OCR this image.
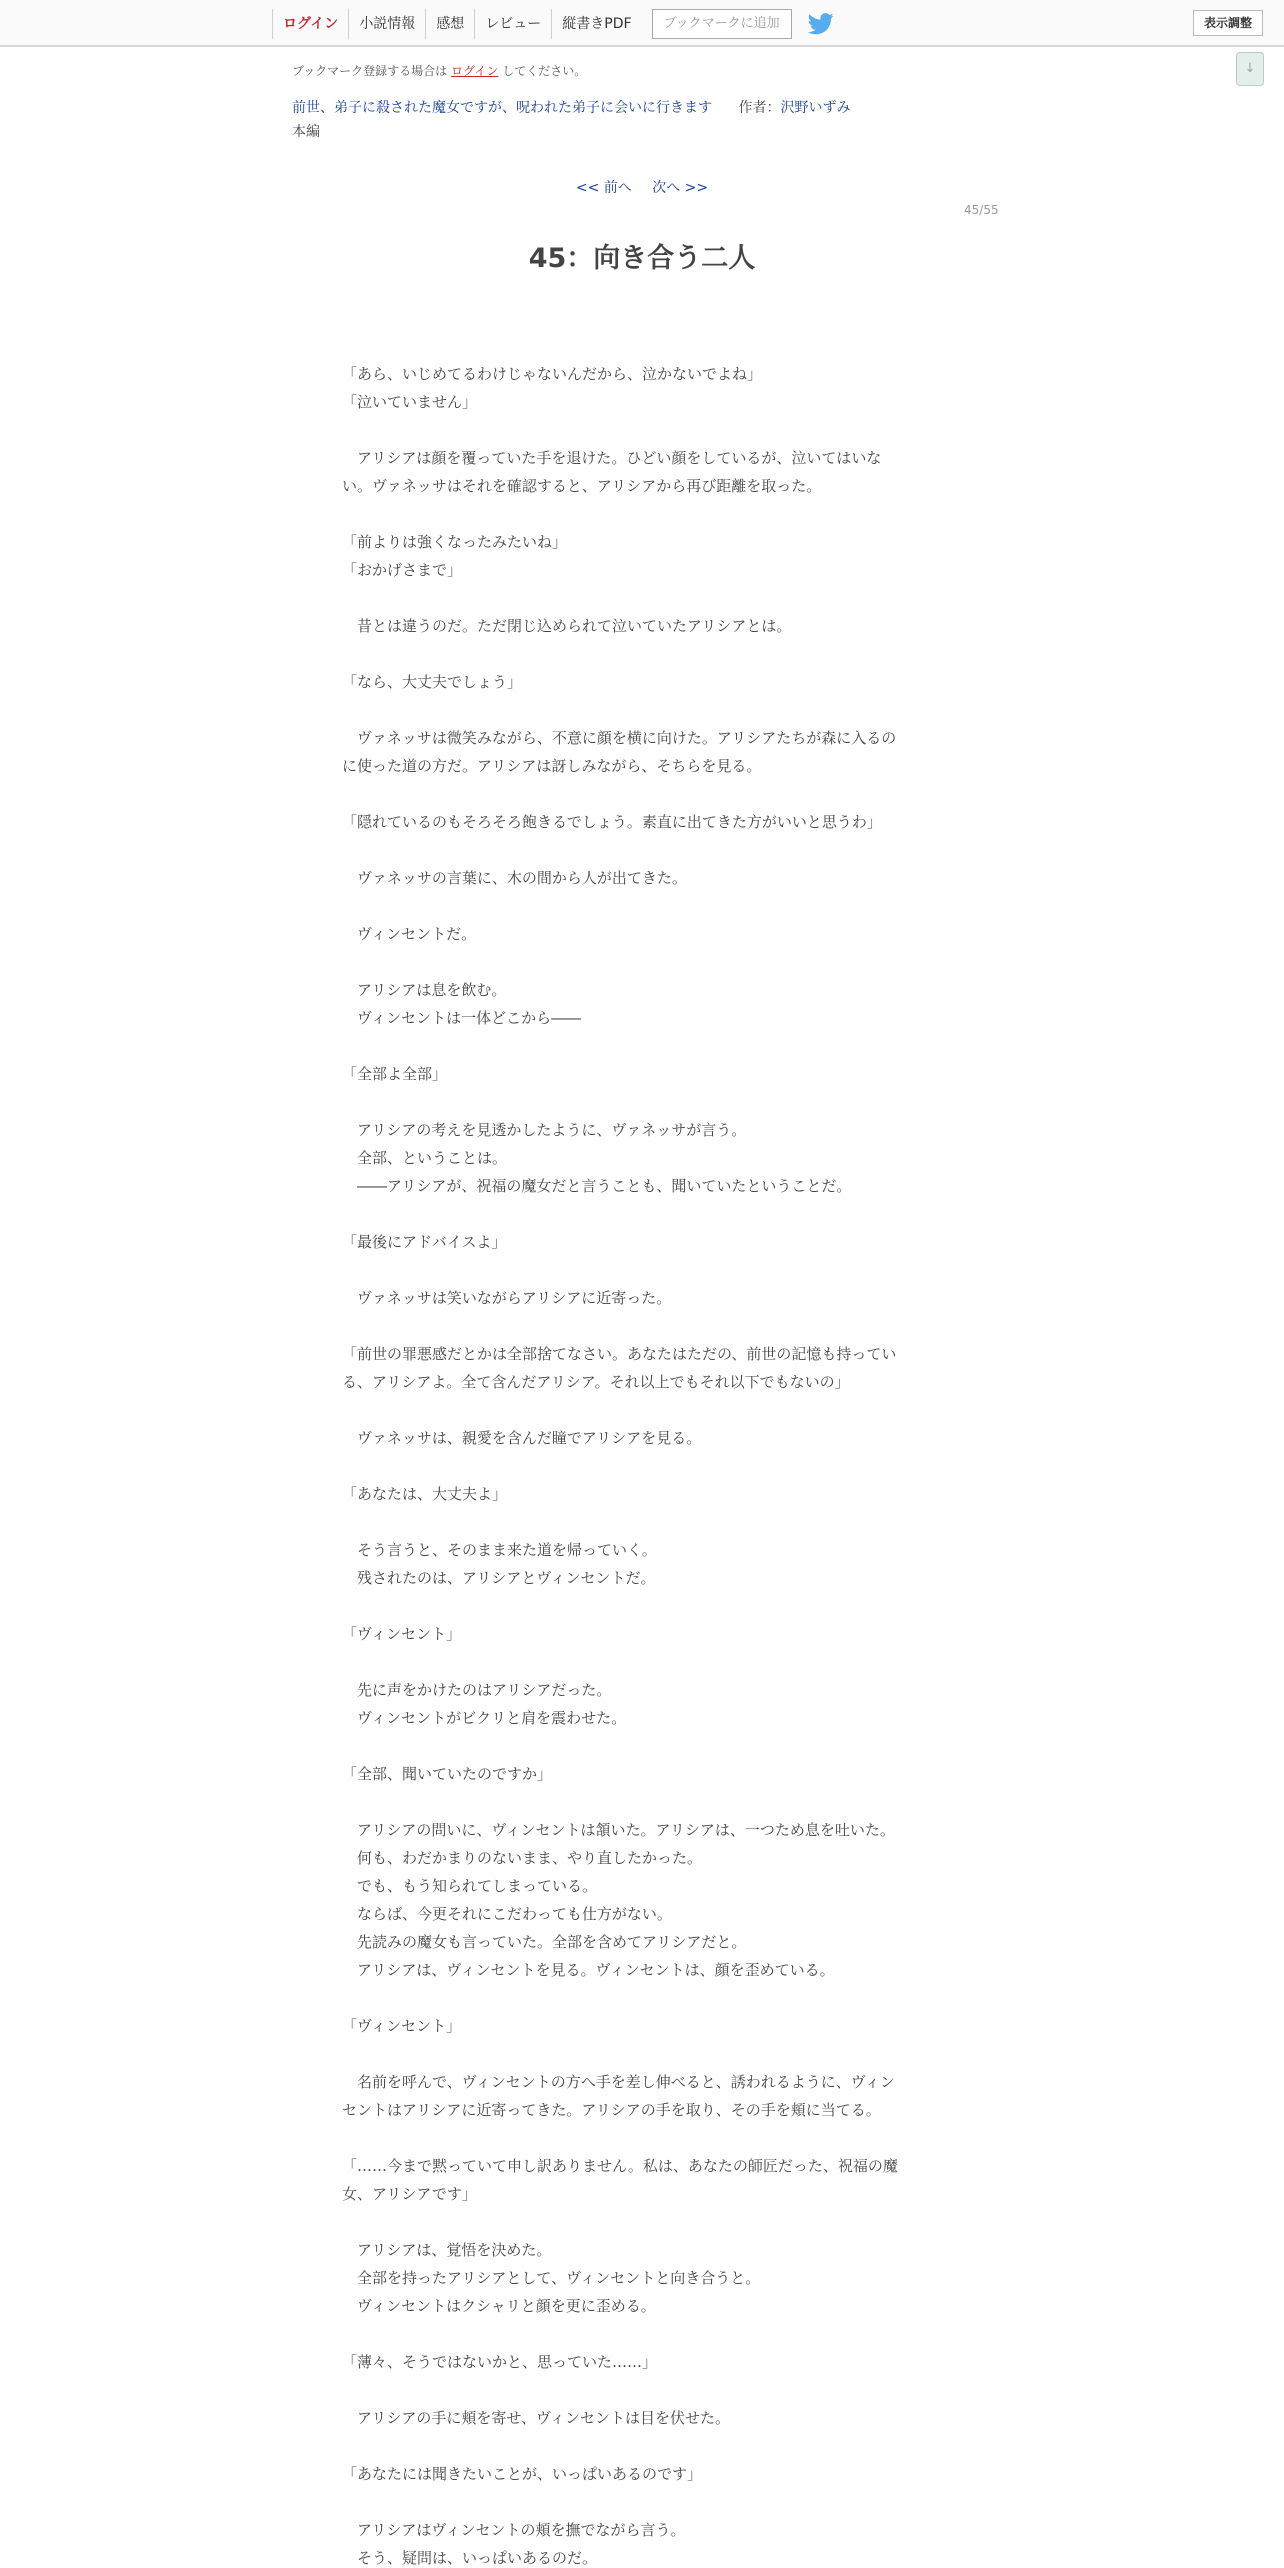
ログイン	小説情報	感想	レビュー	縦書きPDF	ブックマークに追加	表示調整
↓
ブックマーク登録する場合は ログイン してください。
前世、弟子に殺された魔女ですが、呪われた弟子に会いに行きます 作者：沢野いずみ
本編
<< 前へ 次へ >>
45/55
45：向き合う二人

「あら、いじめてるわけじゃないんだから、泣かないでよね」

「泣いていません」

　アリシアは顔を覆っていた手を退けた。ひどい顔をしているが、泣いてはいな

い。ヴァネッサはそれを確認すると、アリシアから再び距離を取った。

「前よりは強くなったみたいね」

「おかげさまで」

　昔とは違うのだ。ただ閉じ込められて泣いていたアリシアとは。

「なら、大丈夫でしょう」

　ヴァネッサは微笑みながら、不意に顔を横に向けた。アリシアたちが森に入るの

に使った道の方だ。アリシアは訝しみながら、そちらを見る。

「隠れているのもそろそろ飽きるでしょう。素直に出てきた方がいいと思うわ」

　ヴァネッサの言葉に、木の間から人が出てきた。

　ヴィンセントだ。

　アリシアは息を飲む。

　ヴィンセントは一体どこから――

「全部よ全部」

　アリシアの考えを見透かしたように、ヴァネッサが言う。

　全部、ということは。

　――アリシアが、祝福の魔女だと言うことも、聞いていたということだ。

「最後にアドバイスよ」

　ヴァネッサは笑いながらアリシアに近寄った。

「前世の罪悪感だとかは全部捨てなさい。あなたはただの、前世の記憶も持ってい

る、アリシアよ。全て含んだアリシア。それ以上でもそれ以下でもないの」

　ヴァネッサは、親愛を含んだ瞳でアリシアを見る。

「あなたは、大丈夫よ」

　そう言うと、そのまま来た道を帰っていく。

　残されたのは、アリシアとヴィンセントだ。

「ヴィンセント」

　先に声をかけたのはアリシアだった。

　ヴィンセントがビクリと肩を震わせた。

「全部、聞いていたのですか」

　アリシアの問いに、ヴィンセントは頷いた。アリシアは、一つため息を吐いた。

　何も、わだかまりのないまま、やり直したかった。

　でも、もう知られてしまっている。

　ならば、今更それにこだわっても仕方がない。

　先読みの魔女も言っていた。全部を含めてアリシアだと。

　アリシアは、ヴィンセントを見る。ヴィンセントは、顔を歪めている。

「ヴィンセント」

　名前を呼んで、ヴィンセントの方へ手を差し伸べると、誘われるように、ヴィン

セントはアリシアに近寄ってきた。アリシアの手を取り、その手を頬に当てる。

「……今まで黙っていて申し訳ありません。私は、あなたの師匠だった、祝福の魔

女、アリシアです」

　アリシアは、覚悟を決めた。

　全部を持ったアリシアとして、ヴィンセントと向き合うと。

　ヴィンセントはクシャリと顔を更に歪める。

「薄々、そうではないかと、思っていた……」

　アリシアの手に頬を寄せ、ヴィンセントは目を伏せた。

「あなたには聞きたいことが、いっぱいあるのです」

　アリシアはヴィンセントの頬を撫でながら言う。

　そう、疑問は、いっぱいあるのだ。
